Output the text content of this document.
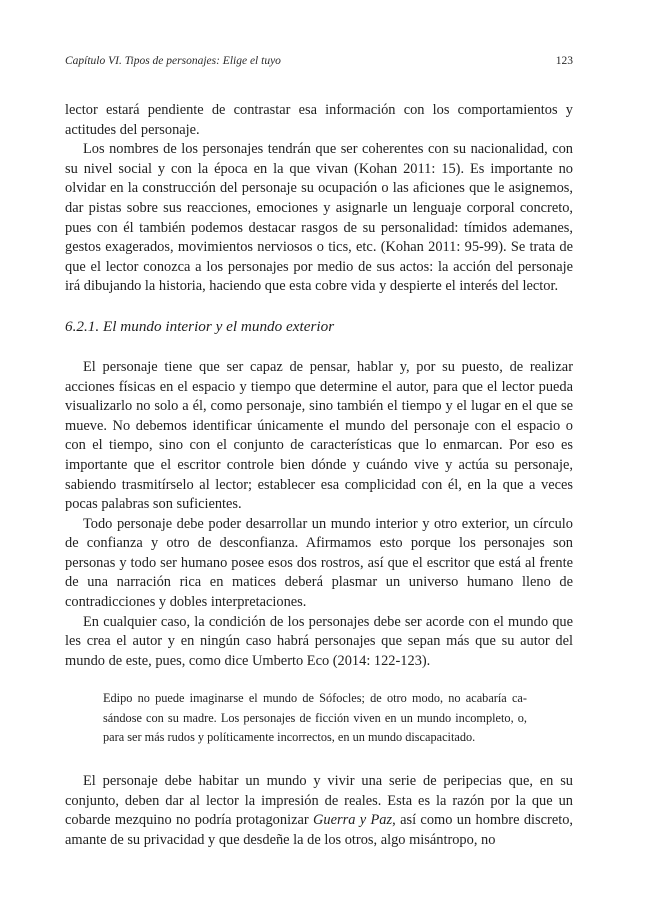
Capítulo VI. Tipos de personajes: Elige el tuyo	123

lector estará pendiente de contrastar esa información con los comportamientos y actitudes del personaje.

Los nombres de los personajes tendrán que ser coherentes con su nacionalidad, con su nivel social y con la época en la que vivan (Kohan 2011: 15). Es importante no olvidar en la construcción del personaje su ocupación o las aficiones que le asignemos, dar pistas sobre sus reacciones, emociones y asignarle un lenguaje corporal concreto, pues con él también podemos destacar rasgos de su personalidad: tímidos ademanes, gestos exagerados, movimientos nerviosos o tics, etc. (Kohan 2011: 95-99). Se trata de que el lector conozca a los personajes por medio de sus actos: la acción del personaje irá dibujando la historia, haciendo que esta cobre vida y despierte el interés del lector.

6.2.1. El mundo interior y el mundo exterior

El personaje tiene que ser capaz de pensar, hablar y, por su puesto, de realizar acciones físicas en el espacio y tiempo que determine el autor, para que el lector pueda visualizarlo no solo a él, como personaje, sino también el tiempo y el lugar en el que se mueve. No debemos identificar únicamente el mundo del personaje con el espacio o con el tiempo, sino con el conjunto de características que lo enmarcan. Por eso es importante que el escritor controle bien dónde y cuándo vive y actúa su personaje, sabiendo trasmitírselo al lector; establecer esa complicidad con él, en la que a veces pocas palabras son suficientes.

Todo personaje debe poder desarrollar un mundo interior y otro exterior, un círculo de confianza y otro de desconfianza. Afirmamos esto porque los personajes son personas y todo ser humano posee esos dos rostros, así que el escritor que está al frente de una narración rica en matices deberá plasmar un universo humano lleno de contradicciones y dobles interpretaciones.

En cualquier caso, la condición de los personajes debe ser acorde con el mundo que les crea el autor y en ningún caso habrá personajes que sepan más que su autor del mundo de este, pues, como dice Umberto Eco (2014: 122-123).

Edipo no puede imaginarse el mundo de Sófocles; de otro modo, no acabaría casándose con su madre. Los personajes de ficción viven en un mundo incompleto, o, para ser más rudos y políticamente incorrectos, en un mundo discapacitado.

El personaje debe habitar un mundo y vivir una serie de peripecias que, en su conjunto, deben dar al lector la impresión de reales. Esta es la razón por la que un cobarde mezquino no podría protagonizar Guerra y Paz, así como un hombre discreto, amante de su privacidad y que desdeñe la de los otros, algo misántropo, no
